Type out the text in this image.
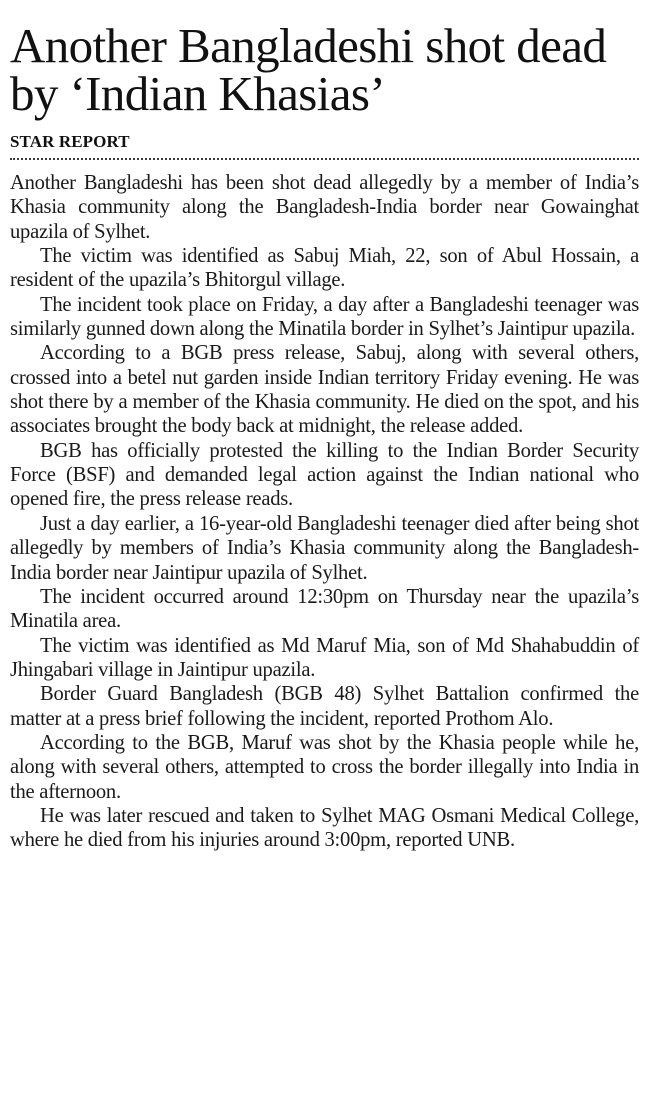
Another Bangladeshi shot dead by ‘Indian Khasias’
STAR REPORT

Another Bangladeshi has been shot dead allegedly by a member of India’s Khasia community along the Bangladesh-India border near Gowainghat upazila of Sylhet.

The victim was identified as Sabuj Miah, 22, son of Abul Hossain, a resident of the upazila’s Bhitorgul village.

The incident took place on Friday, a day after a Bangladeshi teenager was similarly gunned down along the Minatila border in Sylhet’s Jaintipur upazila.

According to a BGB press release, Sabuj, along with several others, crossed into a betel nut garden inside Indian territory Friday evening. He was shot there by a member of the Khasia community. He died on the spot, and his associates brought the body back at midnight, the release added.

BGB has officially protested the killing to the Indian Border Security Force (BSF) and demanded legal action against the Indian national who opened fire, the press release reads.

Just a day earlier, a 16-year-old Bangladeshi teenager died after being shot allegedly by members of India’s Khasia community along the Bangladesh-India border near Jaintipur upazila of Sylhet.

The incident occurred around 12:30pm on Thursday near the upazila’s Minatila area.

The victim was identified as Md Maruf Mia, son of Md Shahabuddin of Jhingabari village in Jaintipur upazila.

Border Guard Bangladesh (BGB 48) Sylhet Battalion confirmed the matter at a press brief following the incident, reported Prothom Alo.

According to the BGB, Maruf was shot by the Khasia people while he, along with several others, attempted to cross the border illegally into India in the afternoon.

He was later rescued and taken to Sylhet MAG Osmani Medical College, where he died from his injuries around 3:00pm, reported UNB.
